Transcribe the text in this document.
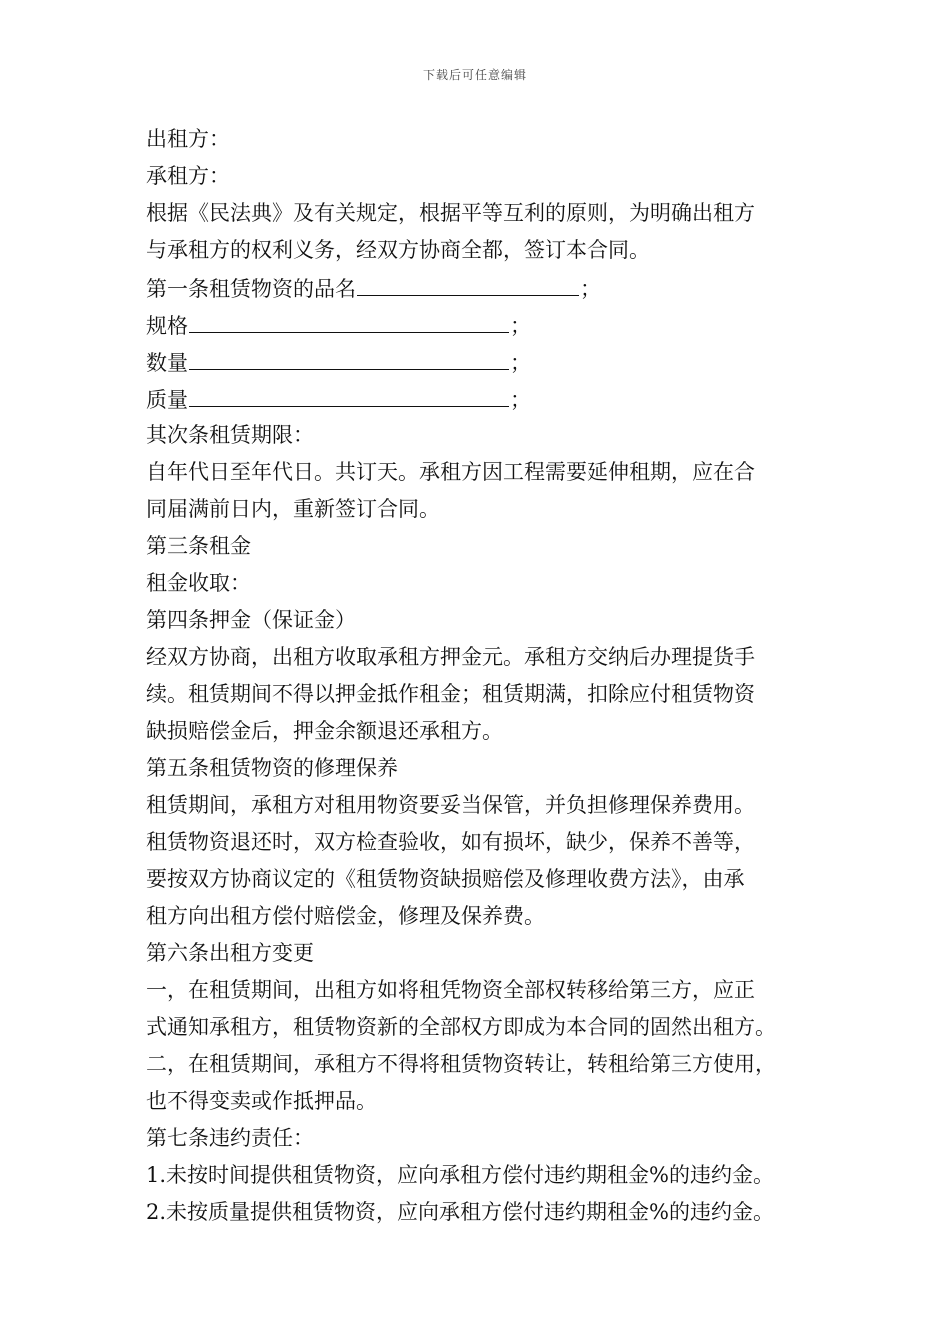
下载后可任意编辑
出租方：
承租方：
根据《民法典》及有关规定，根据平等互利的原则，为明确出租方
与承租方的权利义务，经双方协商全都，签订本合同。
第一条租赁物资的品名	；
规格	；
数量	；
质量	；
其次条租赁期限：
自年代日至年代日。共订天。承租方因工程需要延伸租期，应在合
同届满前日内，重新签订合同。
第三条租金
租金收取：
第四条押金（保证金）
经双方协商，出租方收取承租方押金元。承租方交纳后办理提货手
续。租赁期间不得以押金抵作租金；租赁期满，扣除应付租赁物资
缺损赔偿金后，押金余额退还承租方。
第五条租赁物资的修理保养
租赁期间，承租方对租用物资要妥当保管，并负担修理保养费用。
租赁物资退还时，双方检查验收，如有损坏，缺少，保养不善等，
要按双方协商议定的《租赁物资缺损赔偿及修理收费方法》，由承
租方向出租方偿付赔偿金，修理及保养费。
第六条出租方变更
一，在租赁期间，出租方如将租凭物资全部权转移给第三方，应正
式通知承租方，租赁物资新的全部权方即成为本合同的固然出租方。
二，在租赁期间，承租方不得将租赁物资转让，转租给第三方使用，
也不得变卖或作抵押品。
第七条违约责任：
1.未按时间提供租赁物资，应向承租方偿付违约期租金%的违约金。
2.未按质量提供租赁物资，应向承租方偿付违约期租金%的违约金。
